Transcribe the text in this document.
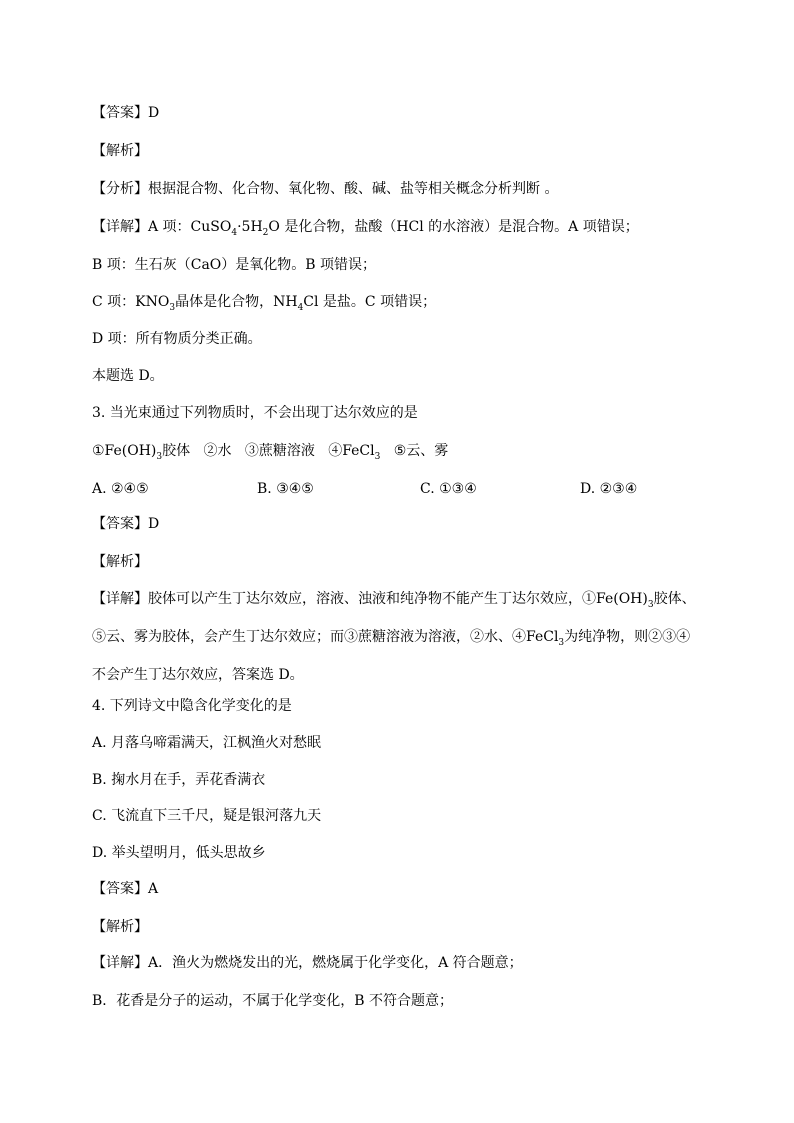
【答案】D
【解析】
【分析】根据混合物、化合物、氧化物、酸、碱、盐等相关概念分析判断 。
【详解】A 项：$CuSO_4\cdot 5H_2O$ 是化合物，盐酸（HCl 的水溶液）是混合物。A 项错误；
B 项：生石灰（CaO）是氧化物。B 项错误；
C 项：$KNO_3$晶体是化合物，$NH_4Cl$ 是盐。C 项错误；
D 项：所有物质分类正确。
本题选 D。
3. 当光束通过下列物质时，不会出现丁达尔效应的是
$①Fe(OH)_3$胶体   ②水   ③蔗糖溶液   ④FeCl$_3$   ⑤云、雾
A. ②④⑤	B. ③④⑤	C. ①③④	D. ②③④
【答案】D
【解析】
【详解】胶体可以产生丁达尔效应，溶液、浊液和纯净物不能产生丁达尔效应，$①Fe(OH)_3$胶体、⑤云、雾为胶体，会产生丁达尔效应；而③蔗糖溶液为溶液，②水、④FeCl$_3$为纯净物，则②③④不会产生丁达尔效应，答案选 D。
4. 下列诗文中隐含化学变化的是
A. 月落乌啼霜满天，江枫渔火对愁眠
B. 掬水月在手，弄花香满衣
C. 飞流直下三千尺，疑是银河落九天
D. 举头望明月，低头思故乡
【答案】A
【解析】
【详解】A．渔火为燃烧发出的光，燃烧属于化学变化，A 符合题意；
B．花香是分子的运动，不属于化学变化，B 不符合题意；
